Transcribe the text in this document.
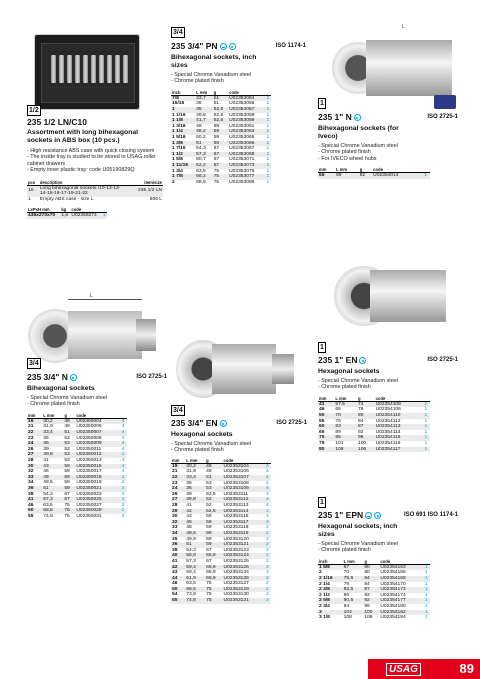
1/2
235 1/2 LN/C10
Assortment with long bihexagonal sockets in ABS box (10 pcs.)
- High resistance ABS case with quick closing system
- The inside tray is studied to be stored in USAG roller
cabinet drawers
- Empty inner plastic tray: code U05190829Q
pcs	description		item/size
10	Long bihexagonal sockets /10-12-13-14-15-16-17-19-21-22		235 1/2 LN
1	Empty ABS case - size L		606 L
LxPxH mm	kg	code	
435x270x70	1,6	U02359274	1
L
3/4
235 3/4" N	ISO 2725-1
Bihexagonal sockets
- Special Chrome Vanadium steel
- Chrome plated finish
mm	L mm	g	code	
19	30,2	49	U02350004	4
21	31,9	49	U02350006	4
22	33,4	51	U02350007	4
23	36	53	U02350008	4
24	36	53	U02350009	4
26	39	53	U02350011	4
27	39,8	53	U02350012	4
28	41	53	U02350013	4
30	43	59	U02350015	4
32	46	59	U02350017	4
33	48	59	U02350018	2
34	48,5	59	U02350019	2
36	51	59	U02350021	2
38	54,3	67	U02350023	2
41	57,3	67	U02350025	2
46	63,5	75	U02350027	2
50	68,5	75	U02350029	2
55	74,8	75	U02350031	2
3/4
235 3/4" PN	ISO 1174-1
Bihexagonal sockets, inch sizes
- Special Chrome Vanadium steel
- Chrome plated finish
inch	L mm	g	code	
7/8	33,7	51	U02353054	1
15/16	36	51	U02353056	1
1	38	52,5	U02353057	1
1 1/16	39,8	52,5	U02353058	1
1 1/8	41,7	52,5	U02353059	1
1 3/16	46	58	U02353061	1
1 1/4	48,2	59	U02353063	1
1 5/16	50,2	59	U02353065	1
1 3/8	51	59	U02353066	1
1 7/16	54,3	67	U02353067	1
1 1/2	57,3	67	U02353069	1
1 5/8	60,7	67	U02353071	1
1 11/16	62,2	67	U02353073	1
1 3/4	63,5	75	U02353076	1
1 7/8	66,2	75	U02353077	1
2	68,5	75	U02353088	1
3/4
235 3/4" EN	ISO 2725-1
Hexagonal sockets
- Special Chrome Vanadium steel
- Chrome plated finish
mm	L mm	g	code	
19	30,2	49	U02353104	4
21	31,9	49	U02353106	4
22	33,4	51	U02353107	4
23	36	53	U02353108	4
24	36	53	U02353109	4
26	39	52,5	U02353111	4
27	39,8	53	U02353112	4
28	41	52	U02353113	4
29	42	52,5	U02353114	1
30	43	59	U02353115	4
32	46	59	U02353117	4
33	48	59	U02353118	2
34	48,5	59	U02353119	2
35	49,9	59	U02353120	2
36	51	59	U02353121	2
38	54,3	67	U02353123	2
40	55,9	66,9	U02353124	2
41	57,3	67	U02353125	2
42	59,4	66,9	U02353126	2
43	59,4	66,9	U02353134	2
44	61,9	66,9	U02353135	2
46	63,5	75	U02353127	2
50	68,5	75	U02353129	2
54	73,9	75	U02353130	2
55	74,8	75	U02353131	2
L
1
235 1" N	ISO 2725-1
Bihexagonal sockets (for Iveco)
- Special Chrome Vanadium steel
- Chrome plated finish
- For IVECO wheel hubs
mm	L mm	g	code	
65	89	92	U02354014	1
1
235 1" EN	ISO 2725-1
Hexagonal sockets
- Special Chrome Vanadium steel
- Chrome plated finish
mm	L mm	g	code	
41	57,5	74	U02354108	1
46	65	76	U02354106	1
50	70	80	U02354110	1
55	76	84	U02354112	1
60	83	87	U02354113	1
65	89	92	U02354114	1
70	95	96	U02354115	1
75	101	100	U02354116	1
80	108	106	U02354117	1
1
235 1" EPN	ISO 691 ISO 1174-1
Hexagonal sockets, inch sizes
- Special Chrome Vanadium steel
- Chrome plated finish
inch	L mm	g	code	
1 5/8	67	80	U02354163	1
2	70	80	U02354166	1
2 1/16	75,5	84	U02354168	1
2 1/4	79	84	U02354170	1
2 3/8	82,5	87	U02354172	1
2 1/2	86	92	U02354174	1
2 5/8	90,5	92	U02354177	1
2 3/4	94	96	U02354180	1
3	104	100	U02354182	1
3 1/8	108	106	U02354184	1
USAG	89
